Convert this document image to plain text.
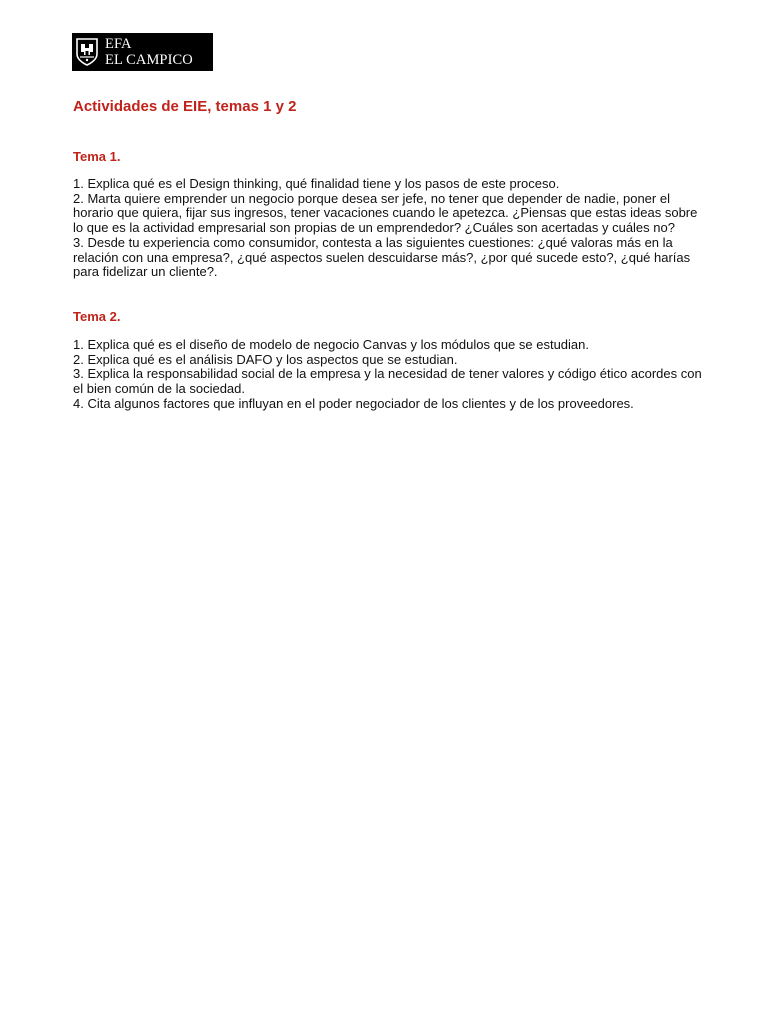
EFA
EL CAMPICO
Actividades de EIE, temas 1 y 2
Tema 1.
1. Explica qué es el Design thinking, qué finalidad tiene y los pasos de este proceso.
2. Marta quiere emprender un negocio porque desea ser jefe, no tener que depender de nadie, poner el horario que quiera, fijar sus ingresos, tener vacaciones cuando le apetezca. ¿Piensas que estas ideas sobre lo que es la actividad empresarial son propias de un emprendedor? ¿Cuáles son acertadas y cuáles no?
3. Desde tu experiencia como consumidor, contesta a las siguientes cuestiones: ¿qué valoras más en la relación con una empresa?, ¿qué aspectos suelen descuidarse más?, ¿por qué sucede esto?, ¿qué harías para fidelizar un cliente?.
Tema 2.
1. Explica qué es el diseño de modelo de negocio Canvas y los módulos que se estudian.
2. Explica qué es el análisis DAFO y los aspectos que se estudian.
3. Explica la responsabilidad social de la empresa y la necesidad de tener valores y código ético acordes con el bien común de la sociedad.
4. Cita algunos factores que influyan en el poder negociador de los clientes y de los proveedores.
